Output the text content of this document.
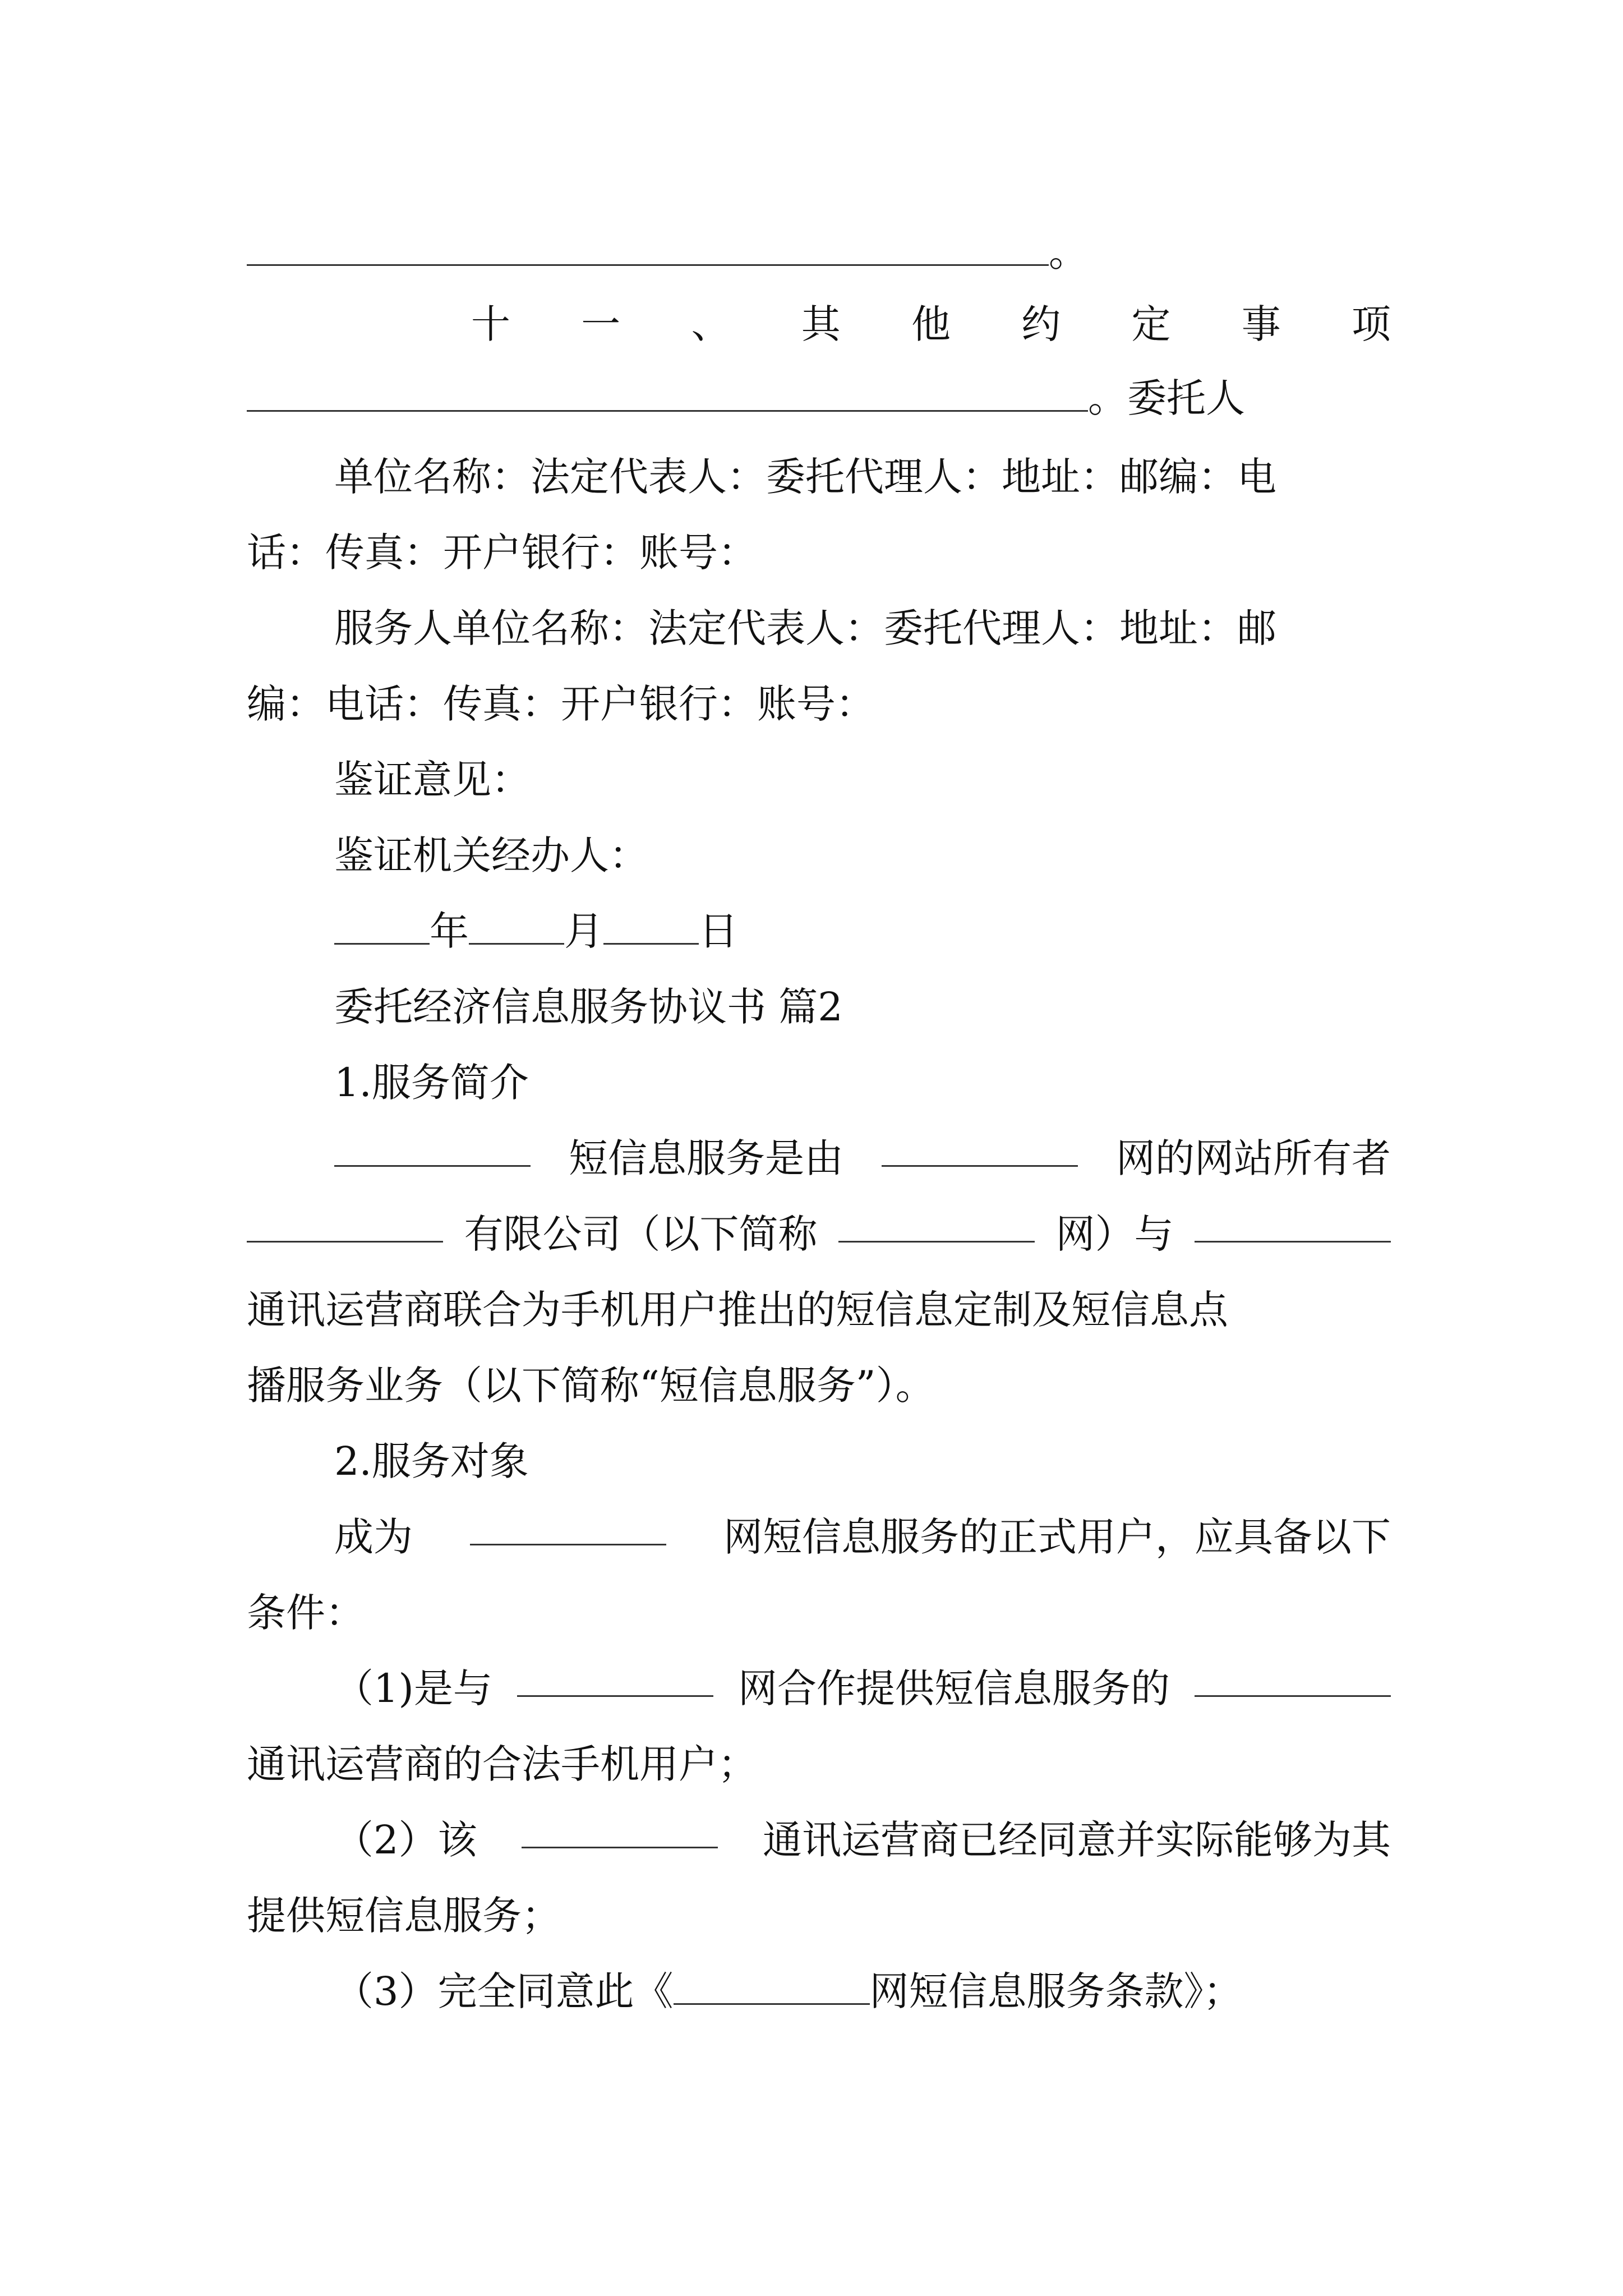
。
十 一 、 其 他 约 定 事 项
。委托人
单位名称：法定代表人：委托代理人：地址：邮编：电
话：传真：开户银行：账号：
服务人单位名称：法定代表人：委托代理人：地址：邮
编：电话：传真：开户银行：账号：
鉴证意见：
鉴证机关经办人：
年 月 日
委托经济信息服务协议书 篇2
1.服务简介
短信息服务是由	网的网站所有者
有限公司（以下简称	网）与
通讯运营商联合为手机用户推出的短信息定制及短信息点
播服务业务（以下简称“短信息服务”）。
2.服务对象
成为	网短信息服务的正式用户，应具备以下
条件：
（1)是与	网合作提供短信息服务的
通讯运营商的合法手机用户；
（2）该	通讯运营商已经同意并实际能够为其
提供短信息服务；
（3）完全同意此《	网短信息服务条款》；
